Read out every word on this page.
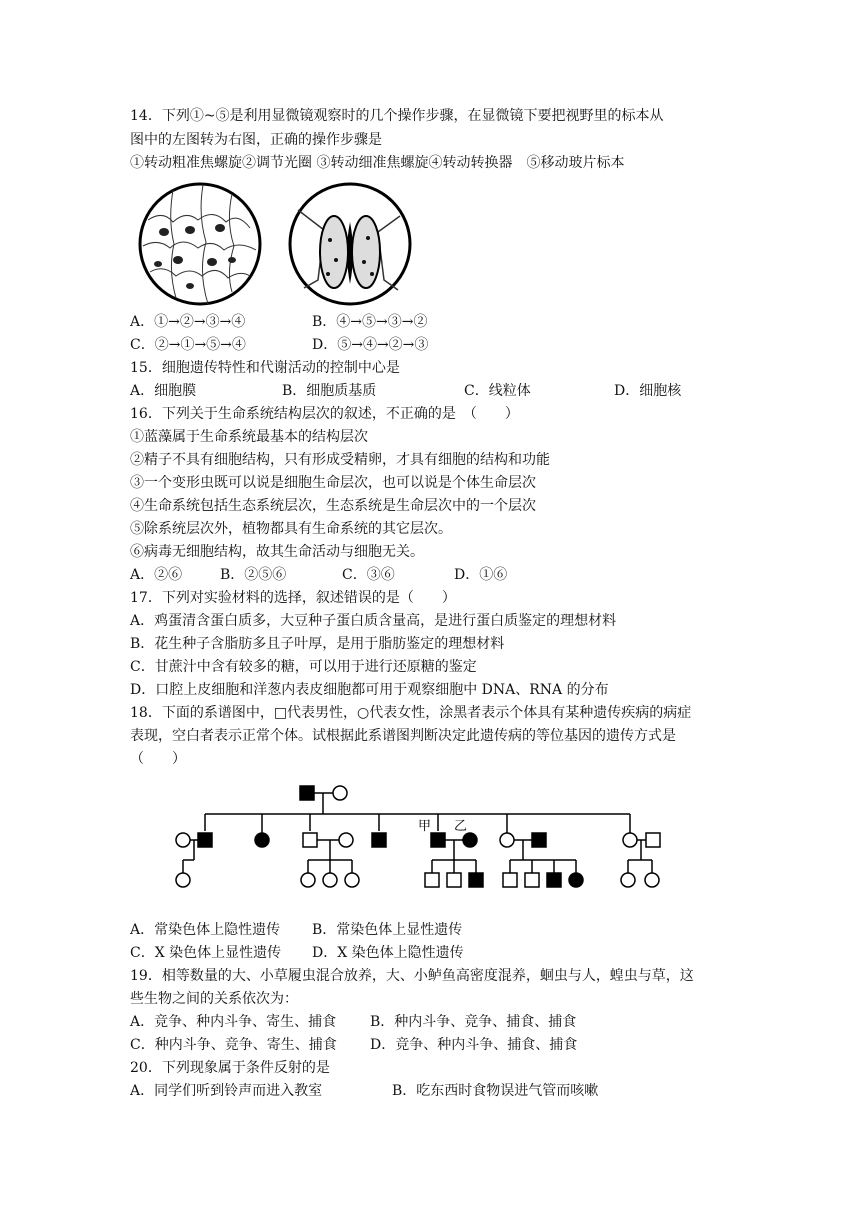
14．下列①~⑤是利用显微镜观察时的几个操作步骤，在显微镜下要把视野里的标本从
图中的左图转为右图，正确的操作步骤是
①转动粗准焦螺旋②调节光圈 ③转动细准焦螺旋④转动转换器　⑤移动玻片标本
A．①→②→③→④	B．④→⑤→③→②
C．②→①→⑤→④	D．⑤→④→②→③
15．细胞遗传特性和代谢活动的控制中心是
A．细胞膜	B．细胞质基质	C．线粒体	D．细胞核
16．下列关于生命系统结构层次的叙述，不正确的是　（　　）
①蓝藻属于生命系统最基本的结构层次
②精子不具有细胞结构，只有形成受精卵，才具有细胞的结构和功能
③一个变形虫既可以说是细胞生命层次，也可以说是个体生命层次
④生命系统包括生态系统层次，生态系统是生命层次中的一个层次
⑤除系统层次外，植物都具有生命系统的其它层次。
⑥病毒无细胞结构，故其生命活动与细胞无关。
A．②⑥	B．②⑤⑥	C．③⑥	D．①⑥
17．下列对实验材料的选择，叙述错误的是（　　）
A．鸡蛋清含蛋白质多，大豆种子蛋白质含量高，是进行蛋白质鉴定的理想材料
B．花生种子含脂肪多且子叶厚，是用于脂肪鉴定的理想材料
C．甘蔗汁中含有较多的糖，可以用于进行还原糖的鉴定
D．口腔上皮细胞和洋葱内表皮细胞都可用于观察细胞中 DNA、RNA 的分布
18．下面的系谱图中，□代表男性，○代表女性，涂黑者表示个体具有某种遗传疾病的病症
表现，空白者表示正常个体。试根据此系谱图判断决定此遗传病的等位基因的遗传方式是
（　　）
甲 乙
A．常染色体上隐性遗传 B．常染色体上显性遗传
C．X 染色体上显性遗传 D．X 染色体上隐性遗传
19．相等数量的大、小草履虫混合放养，大、小鲈鱼高密度混养，蛔虫与人，蝗虫与草，这
些生物之间的关系依次为：
A．竞争、种内斗争、寄生、捕食 B．种内斗争、竞争、捕食、捕食
C．种内斗争、竞争、寄生、捕食 D．竞争、种内斗争、捕食、捕食
20．下列现象属于条件反射的是
A．同学们听到铃声而进入教室	B．吃东西时食物误进气管而咳嗽
